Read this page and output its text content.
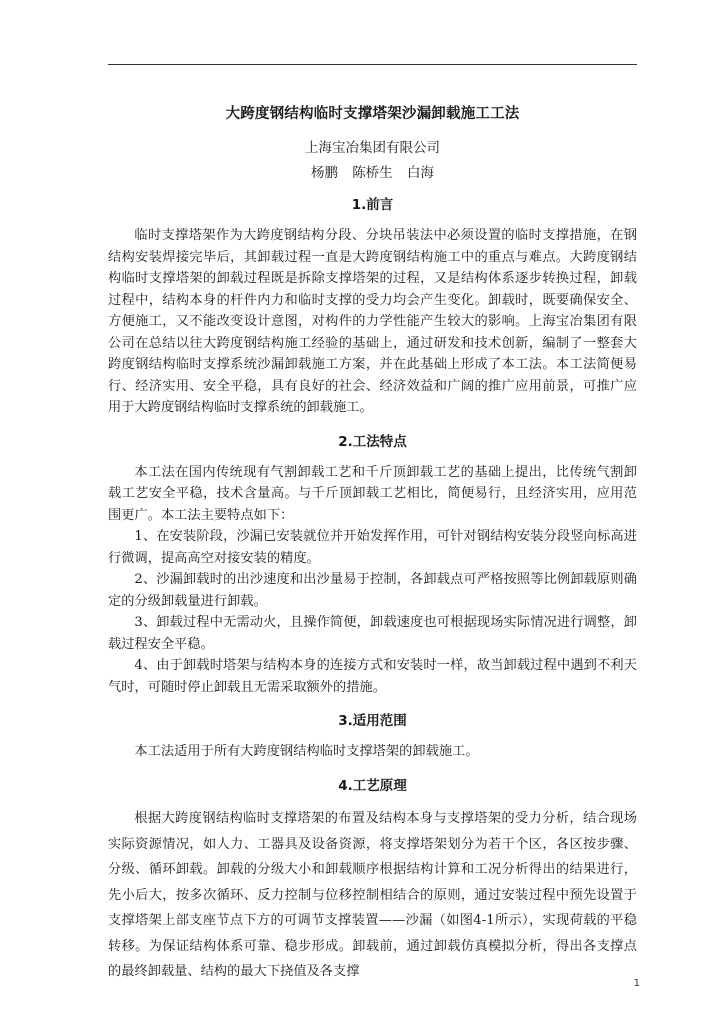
大跨度钢结构临时支撑塔架沙漏卸载施工工法

上海宝冶集团有限公司

杨鹏 陈桥生 白海

1.前言

临时支撑塔架作为大跨度钢结构分段、分块吊装法中必须设置的临时支撑措施，在钢结构安装焊接完毕后，其卸载过程一直是大跨度钢结构施工中的重点与难点。大跨度钢结构临时支撑塔架的卸载过程既是拆除支撑塔架的过程，又是结构体系逐步转换过程，卸载过程中，结构本身的杆件内力和临时支撑的受力均会产生变化。卸载时，既要确保安全、方便施工，又不能改变设计意图，对构件的力学性能产生较大的影响。上海宝冶集团有限公司在总结以往大跨度钢结构施工经验的基础上，通过研发和技术创新，编制了一整套大跨度钢结构临时支撑系统沙漏卸载施工方案，并在此基础上形成了本工法。本工法简便易行、经济实用、安全平稳，具有良好的社会、经济效益和广阔的推广应用前景，可推广应用于大跨度钢结构临时支撑系统的卸载施工。

2.工法特点

本工法在国内传统现有气割卸载工艺和千斤顶卸载工艺的基础上提出，比传统气割卸载工艺安全平稳，技术含量高。与千斤顶卸载工艺相比，简便易行，且经济实用，应用范围更广。本工法主要特点如下：

1、在安装阶段，沙漏已安装就位并开始发挥作用，可针对钢结构安装分段竖向标高进行微调，提高高空对接安装的精度。

2、沙漏卸载时的出沙速度和出沙量易于控制，各卸载点可严格按照等比例卸载原则确定的分级卸载量进行卸载。

3、卸载过程中无需动火，且操作简便，卸载速度也可根据现场实际情况进行调整，卸载过程安全平稳。

4、由于卸载时塔架与结构本身的连接方式和安装时一样，故当卸载过程中遇到不利天气时，可随时停止卸载且无需采取额外的措施。

3.适用范围

本工法适用于所有大跨度钢结构临时支撑塔架的卸载施工。

4.工艺原理

根据大跨度钢结构临时支撑塔架的布置及结构本身与支撑塔架的受力分析，结合现场实际资源情况，如人力、工器具及设备资源，将支撑塔架划分为若干个区，各区按步骤、分级、循环卸载。卸载的分级大小和卸载顺序根据结构计算和工况分析得出的结果进行，先小后大，按多次循环、反力控制与位移控制相结合的原则，通过安装过程中预先设置于支撑塔架上部支座节点下方的可调节支撑装置——沙漏（如图4-1所示），实现荷载的平稳转移。为保证结构体系可靠、稳步形成。卸载前，通过卸载仿真模拟分析，得出各支撑点的最终卸载量、结构的最大下挠值及各支撑

1
